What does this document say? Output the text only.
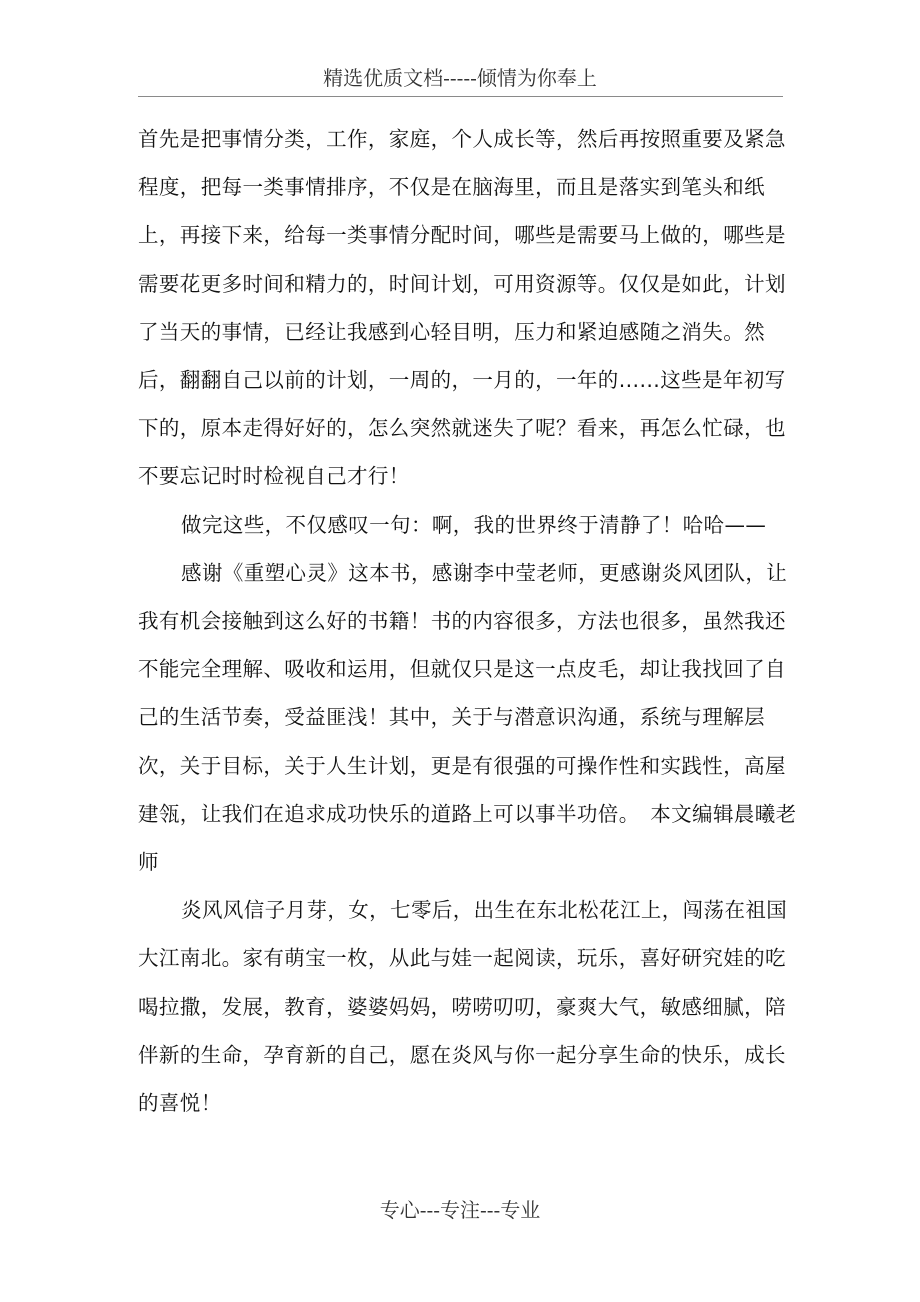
精选优质文档-----倾情为你奉上

首先是把事情分类，工作，家庭，个人成长等，然后再按照重要及紧急程度，把每一类事情排序，不仅是在脑海里，而且是落实到笔头和纸上，再接下来，给每一类事情分配时间，哪些是需要马上做的，哪些是需要花更多时间和精力的，时间计划，可用资源等。仅仅是如此，计划了当天的事情，已经让我感到心轻目明，压力和紧迫感随之消失。然后，翻翻自己以前的计划，一周的，一月的，一年的......这些是年初写下的，原本走得好好的，怎么突然就迷失了呢？看来，再怎么忙碌，也不要忘记时时检视自己才行！

做完这些，不仅感叹一句：啊，我的世界终于清静了！哈哈——

感谢《重塑心灵》这本书，感谢李中莹老师，更感谢炎风团队，让我有机会接触到这么好的书籍！书的内容很多，方法也很多，虽然我还不能完全理解、吸收和运用，但就仅只是这一点皮毛，却让我找回了自己的生活节奏，受益匪浅！其中，关于与潜意识沟通，系统与理解层次，关于目标，关于人生计划，更是有很强的可操作性和实践性，高屋建瓴，让我们在追求成功快乐的道路上可以事半功倍。　本文编辑晨曦老师

炎风风信子月芽，女，七零后，出生在东北松花江上，闯荡在祖国大江南北。家有萌宝一枚，从此与娃一起阅读，玩乐，喜好研究娃的吃喝拉撒，发展，教育，婆婆妈妈，唠唠叨叨，豪爽大气，敏感细腻，陪伴新的生命，孕育新的自己，愿在炎风与你一起分享生命的快乐，成长的喜悦！

专心---专注---专业
